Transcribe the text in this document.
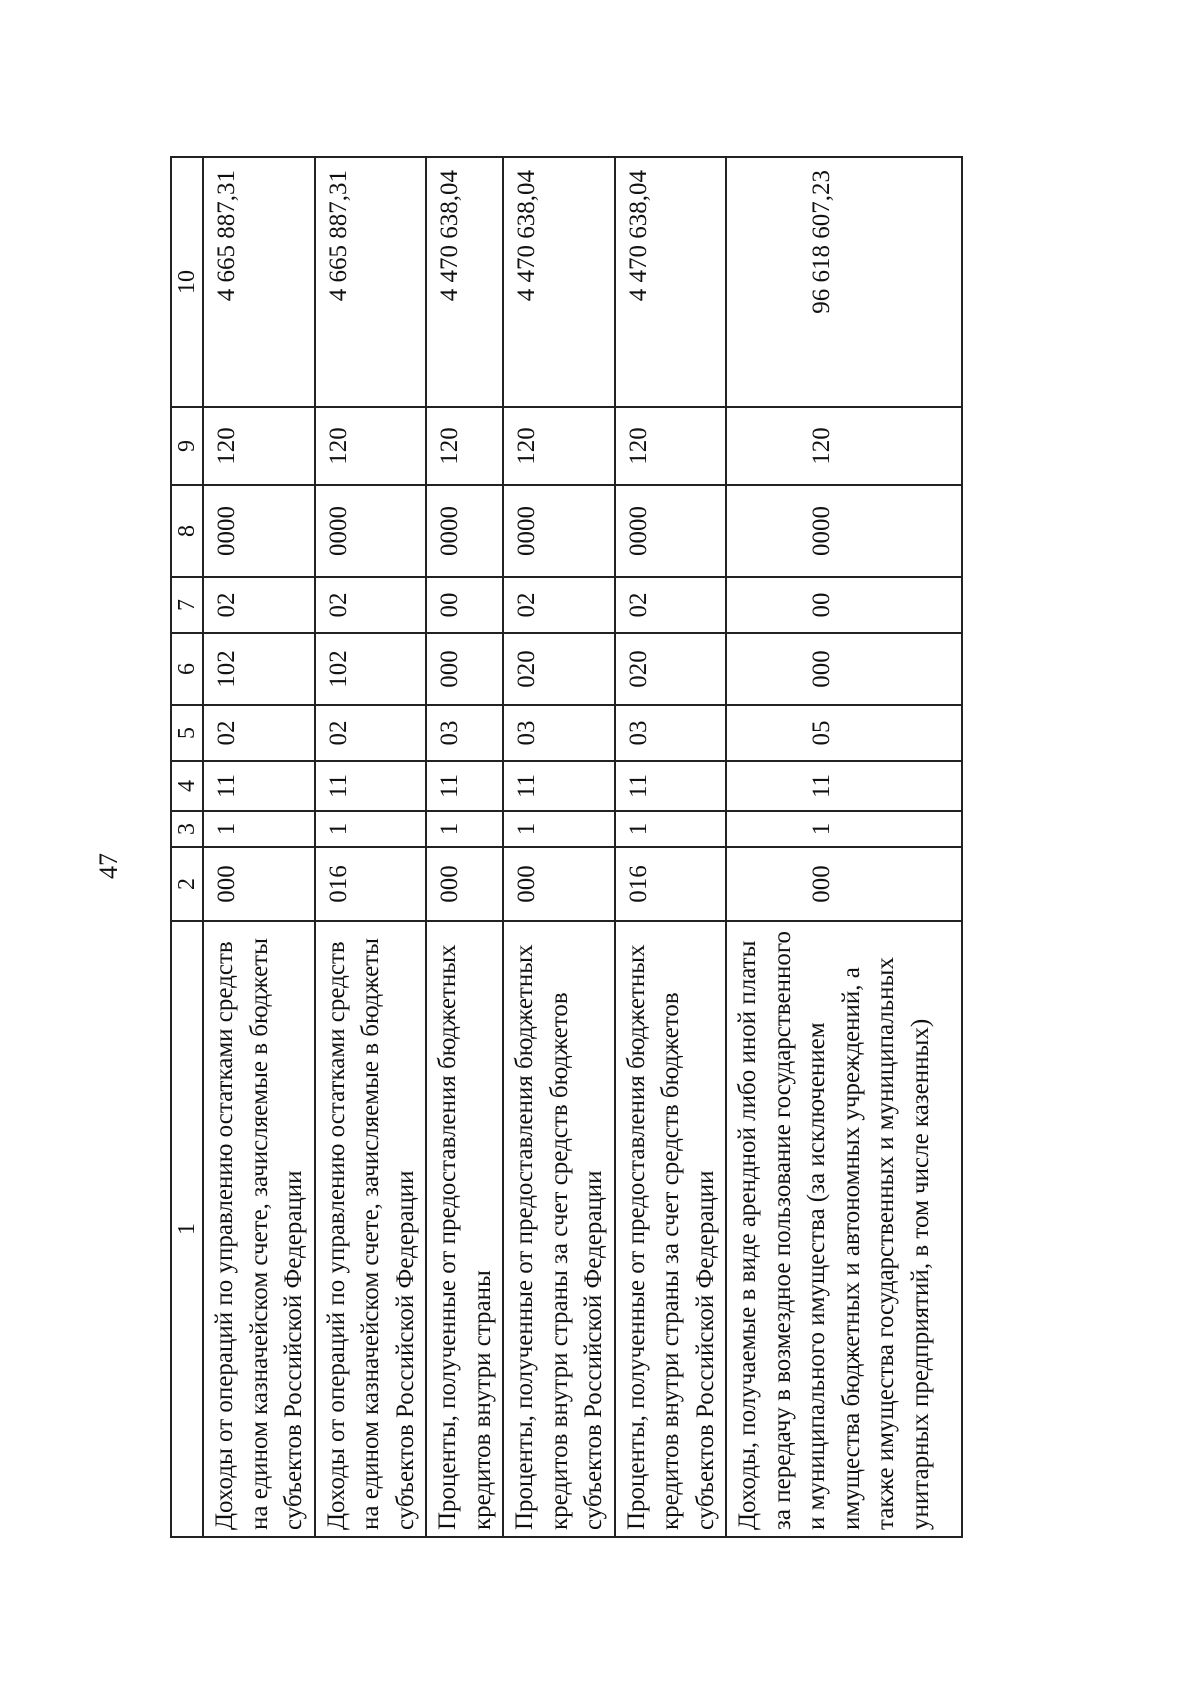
47
1	2	3	4	5	6	7	8	9	10
Доходы от операций по управлению остатками средств на едином казначейском счете, зачисляемые в бюджеты субъектов Российской Федерации	000	1	11	02	102	02	0000	120	4 665 887,31
Доходы от операций по управлению остатками средств на едином казначейском счете, зачисляемые в бюджеты субъектов Российской Федерации	016	1	11	02	102	02	0000	120	4 665 887,31
Проценты, полученные от предоставления бюджетных кредитов внутри страны	000	1	11	03	000	00	0000	120	4 470 638,04
Проценты, полученные от предоставления бюджетных кредитов внутри страны за счет средств бюджетов субъектов Российской Федерации	000	1	11	03	020	02	0000	120	4 470 638,04
Проценты, полученные от предоставления бюджетных кредитов внутри страны за счет средств бюджетов субъектов Российской Федерации	016	1	11	03	020	02	0000	120	4 470 638,04
Доходы, получаемые в виде арендной либо иной платы за передачу в возмездное пользование государственного и муниципального имущества (за исключением имущества бюджетных и автономных учреждений, а также имущества государственных и муниципальных унитарных предприятий, в том числе казенных)	000	1	11	05	000	00	0000	120	96 618 607,23
